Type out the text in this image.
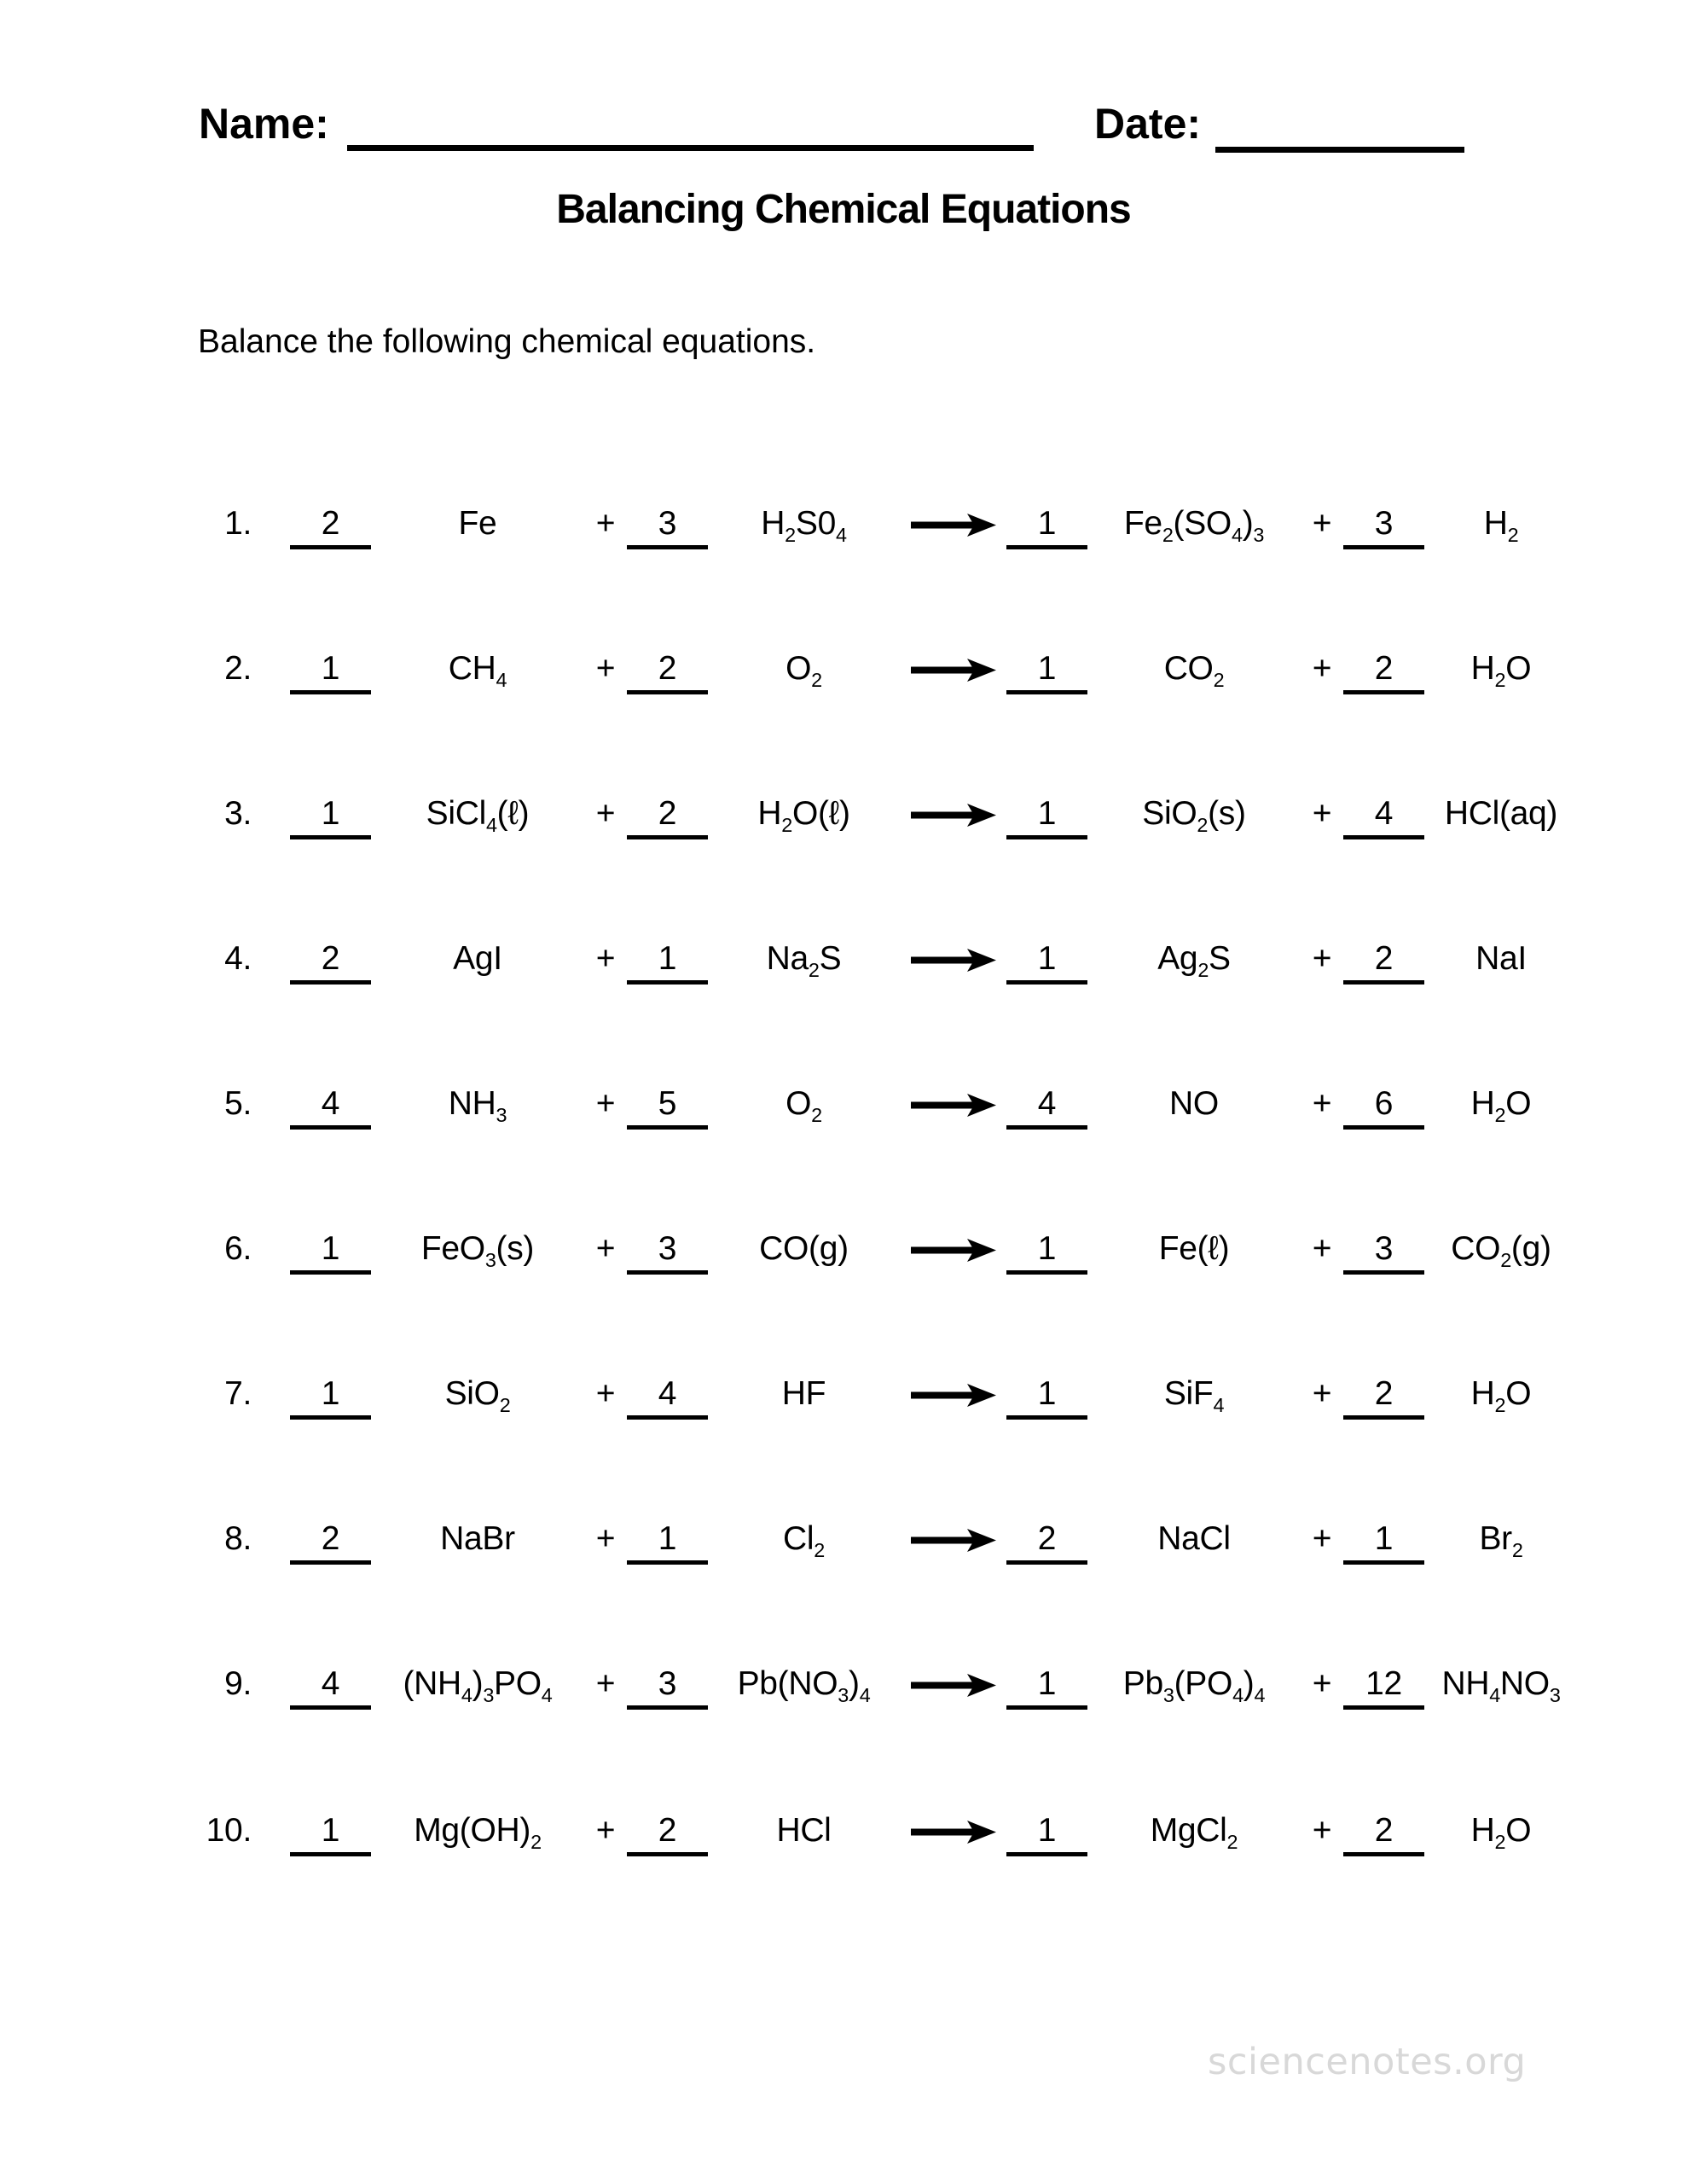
Name:	Date:
Balancing Chemical Equations
Balance the following chemical equations.
1.	2	Fe	+	3	$H_2S0_4$	→ 1	$Fe_2(SO_4)_3$	+	3	$H_2$
2.	1	$CH_4$	+	2	$O_2$	→ 1	$CO_2$	+	2	$H_2O$
3.	1	SiCl$_4$(ℓ)	+	2	$H_2O(\ell)$	→ 1	SiO$_2$(s)	+	4	HCl(aq)
4.	2	AgI	+	1	$Na_2S$	→ 1	$Ag_2S$	+	2	NaI
5.	4	$NH_3$	+	5	$O_2$	→ 4	NO	+	6	$H_2O$
6.	1	FeO$_3$(s)	+	3	CO(g)	→ 1	Fe(ℓ)	+	3	$CO_2(g)$
7.	1	SiO$_2$	+	4	HF	→ 1	SiF$_4$	+	2	$H_2O$
8.	2	NaBr	+	1	$Cl_2$	→ 2	NaCl	+	1	$Br_2$
9.	4	$(NH_4)_3PO_4$	+	3	$Pb(NO_3)_4 \to 1$	$Pb_3(PO_4)_4$	+	12	$NH_4NO_3$
10.	1	$Mg(OH)_2$	+	2	HCl	→ 1	MgCl$_2$	+	2	$H_2O$
sciencenotes.org
